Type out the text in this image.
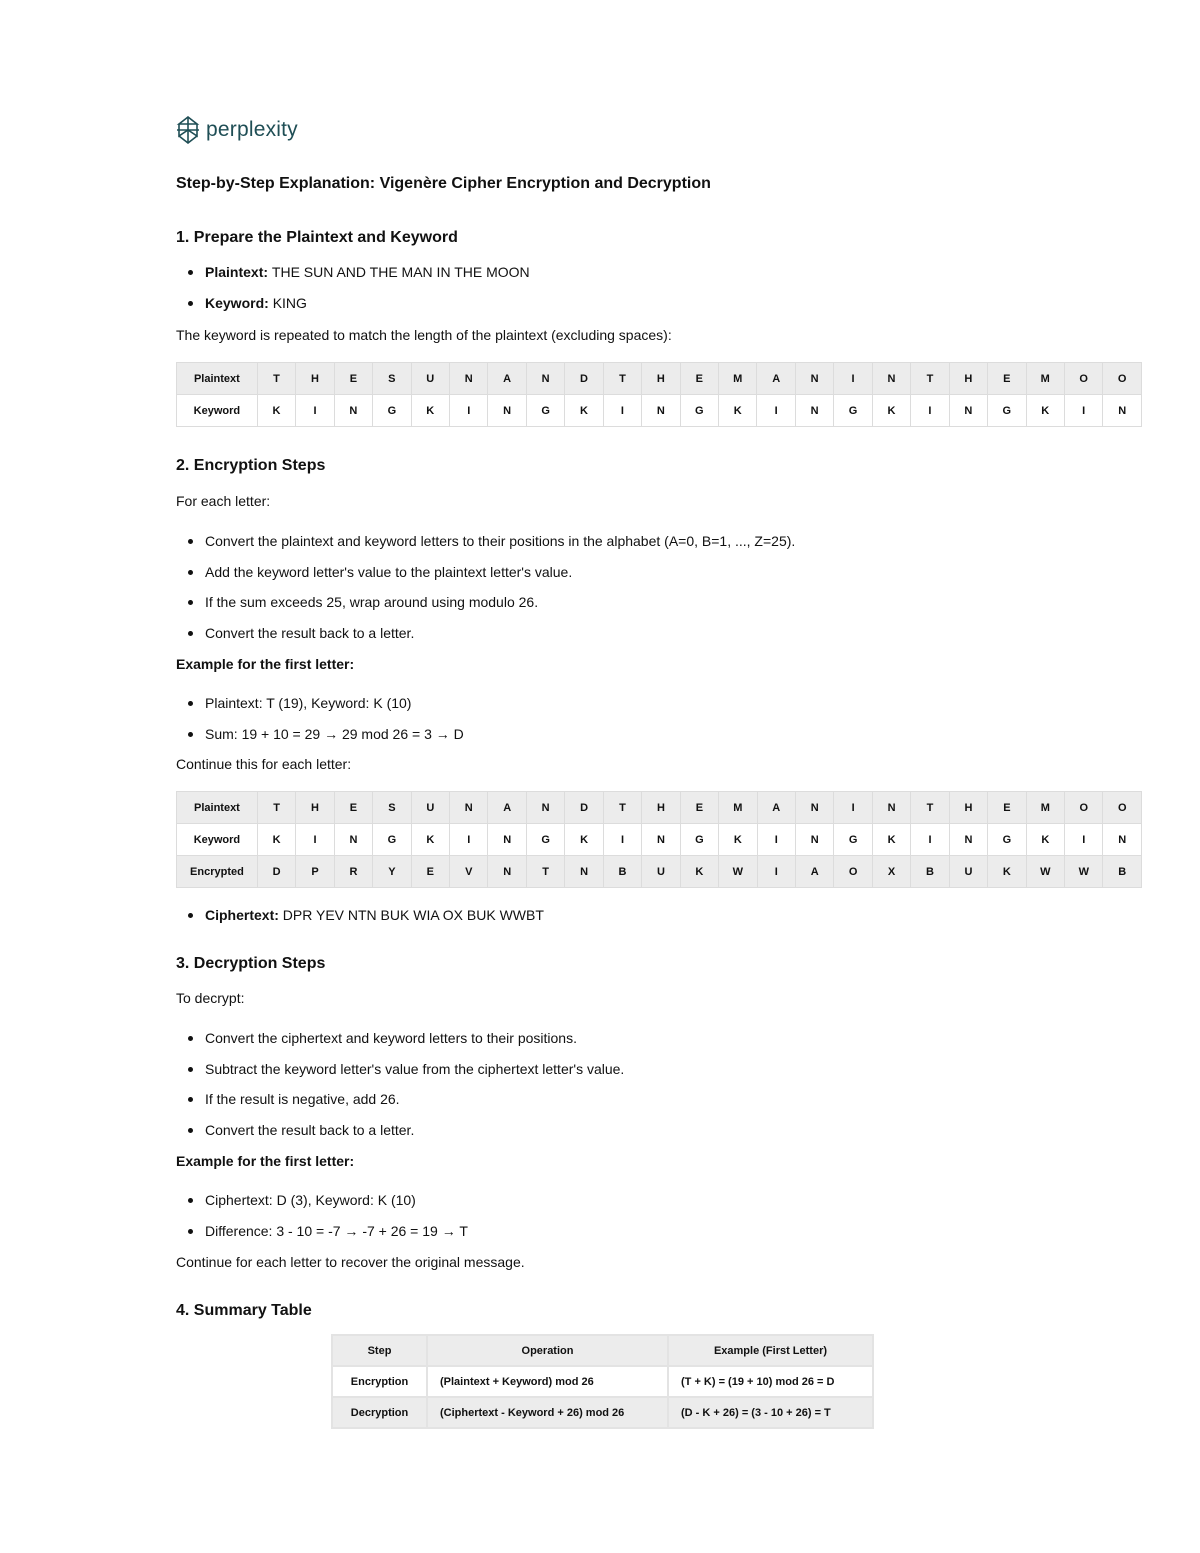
perplexity
Step-by-Step Explanation: Vigenère Cipher Encryption and Decryption
1. Prepare the Plaintext and Keyword
Plaintext:
THE SUN AND THE MAN IN THE MOON
Keyword:
KING

The keyword is repeated to match the length of the plaintext (excluding spaces):

Plaintext	T	H	E	S	U	N	A	N	D	T	H	E	M	A	N	I	N	T	H	E	M	O	O
Keyword	K	I	N	G	K	I	N	G	K	I	N	G	K	I	N	G	K	I	N	G	K	I	N
2. Encryption Steps

For each letter:

Convert the plaintext and keyword letters to their positions in the alphabet (A=0, B=1, ..., Z=25).
Add the keyword letter's value to the plaintext letter's value.
If the sum exceeds 25, wrap around using modulo 26.
Convert the result back to a letter.

Example for the first letter:

Plaintext: T (19), Keyword: K (10)
Sum: 19 + 10 = 29 → 29 mod 26 = 3 → D

Continue this for each letter:

Plaintext	T	H	E	S	U	N	A	N	D	T	H	E	M	A	N	I	N	T	H	E	M	O	O
Keyword	K	I	N	G	K	I	N	G	K	I	N	G	K	I	N	G	K	I	N	G	K	I	N
Encrypted	D	P	R	Y	E	V	N	T	N	B	U	K	W	I	A	O	X	B	U	K	W	W	B
Ciphertext:
DPR YEV NTN BUK WIA OX BUK WWBT
3. Decryption Steps

To decrypt:

Convert the ciphertext and keyword letters to their positions.
Subtract the keyword letter's value from the ciphertext letter's value.
If the result is negative, add 26.
Convert the result back to a letter.

Example for the first letter:

Ciphertext: D (3), Keyword: K (10)
Difference: 3 - 10 = -7 → -7 + 26 = 19 → T

Continue for each letter to recover the original message.

4. Summary Table
Step	Operation	Example (First Letter)
Encryption	(Plaintext + Keyword) mod 26	(T + K) = (19 + 10) mod 26 = D
Decryption	(Ciphertext - Keyword + 26) mod 26	(D - K + 26) = (3 - 10 + 26) = T
